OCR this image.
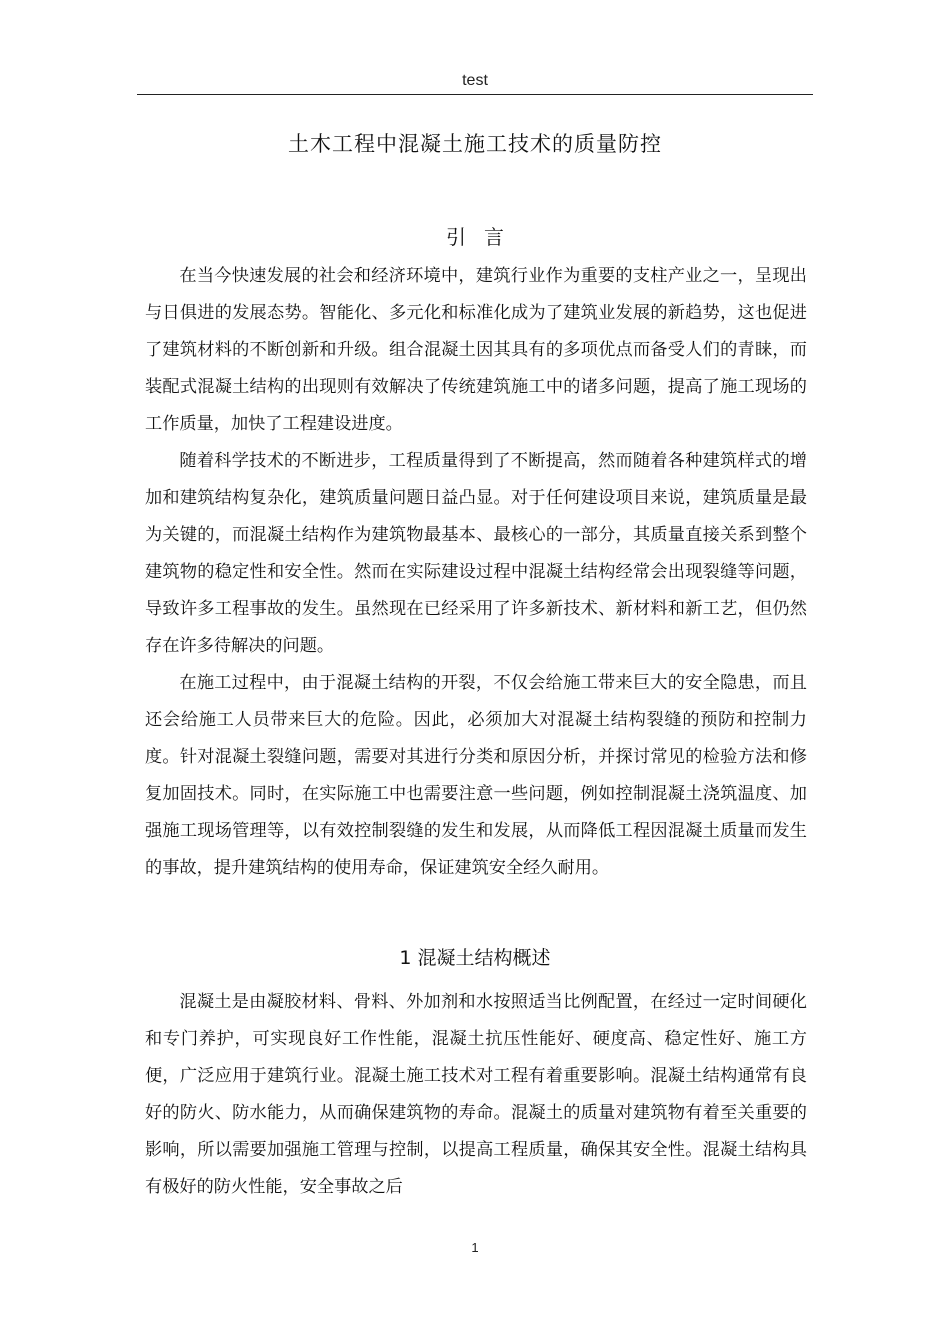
test
土木工程中混凝土施工技术的质量防控
引言

在当今快速发展的社会和经济环境中，建筑行业作为重要的支柱产业之一，呈现出与日俱进的发展态势。智能化、多元化和标准化成为了建筑业发展的新趋势，这也促进了建筑材料的不断创新和升级。组合混凝土因其具有的多项优点而备受人们的青睐，而装配式混凝土结构的出现则有效解决了传统建筑施工中的诸多问题，提高了施工现场的工作质量，加快了工程建设进度。

随着科学技术的不断进步，工程质量得到了不断提高，然而随着各种建筑样式的增加和建筑结构复杂化，建筑质量问题日益凸显。对于任何建设项目来说，建筑质量是最为关键的，而混凝土结构作为建筑物最基本、最核心的一部分，其质量直接关系到整个建筑物的稳定性和安全性。然而在实际建设过程中混凝土结构经常会出现裂缝等问题，导致许多工程事故的发生。虽然现在已经采用了许多新技术、新材料和新工艺，但仍然存在许多待解决的问题。

在施工过程中，由于混凝土结构的开裂，不仅会给施工带来巨大的安全隐患，而且还会给施工人员带来巨大的危险。因此，必须加大对混凝土结构裂缝的预防和控制力度。针对混凝土裂缝问题，需要对其进行分类和原因分析，并探讨常见的检验方法和修复加固技术。同时，在实际施工中也需要注意一些问题，例如控制混凝土浇筑温度、加强施工现场管理等，以有效控制裂缝的发生和发展，从而降低工程因混凝土质量而发生的事故，提升建筑结构的使用寿命，保证建筑安全经久耐用。

1 混凝土结构概述

混凝土是由凝胶材料、骨料、外加剂和水按照适当比例配置，在经过一定时间硬化和专门养护，可实现良好工作性能，混凝土抗压性能好、硬度高、稳定性好、施工方便，广泛应用于建筑行业。混凝土施工技术对工程有着重要影响。混凝土结构通常有良好的防火、防水能力，从而确保建筑物的寿命。混凝土的质量对建筑物有着至关重要的影响，所以需要加强施工管理与控制，以提高工程质量，确保其安全性。混凝土结构具有极好的防火性能，安全事故之后

1
